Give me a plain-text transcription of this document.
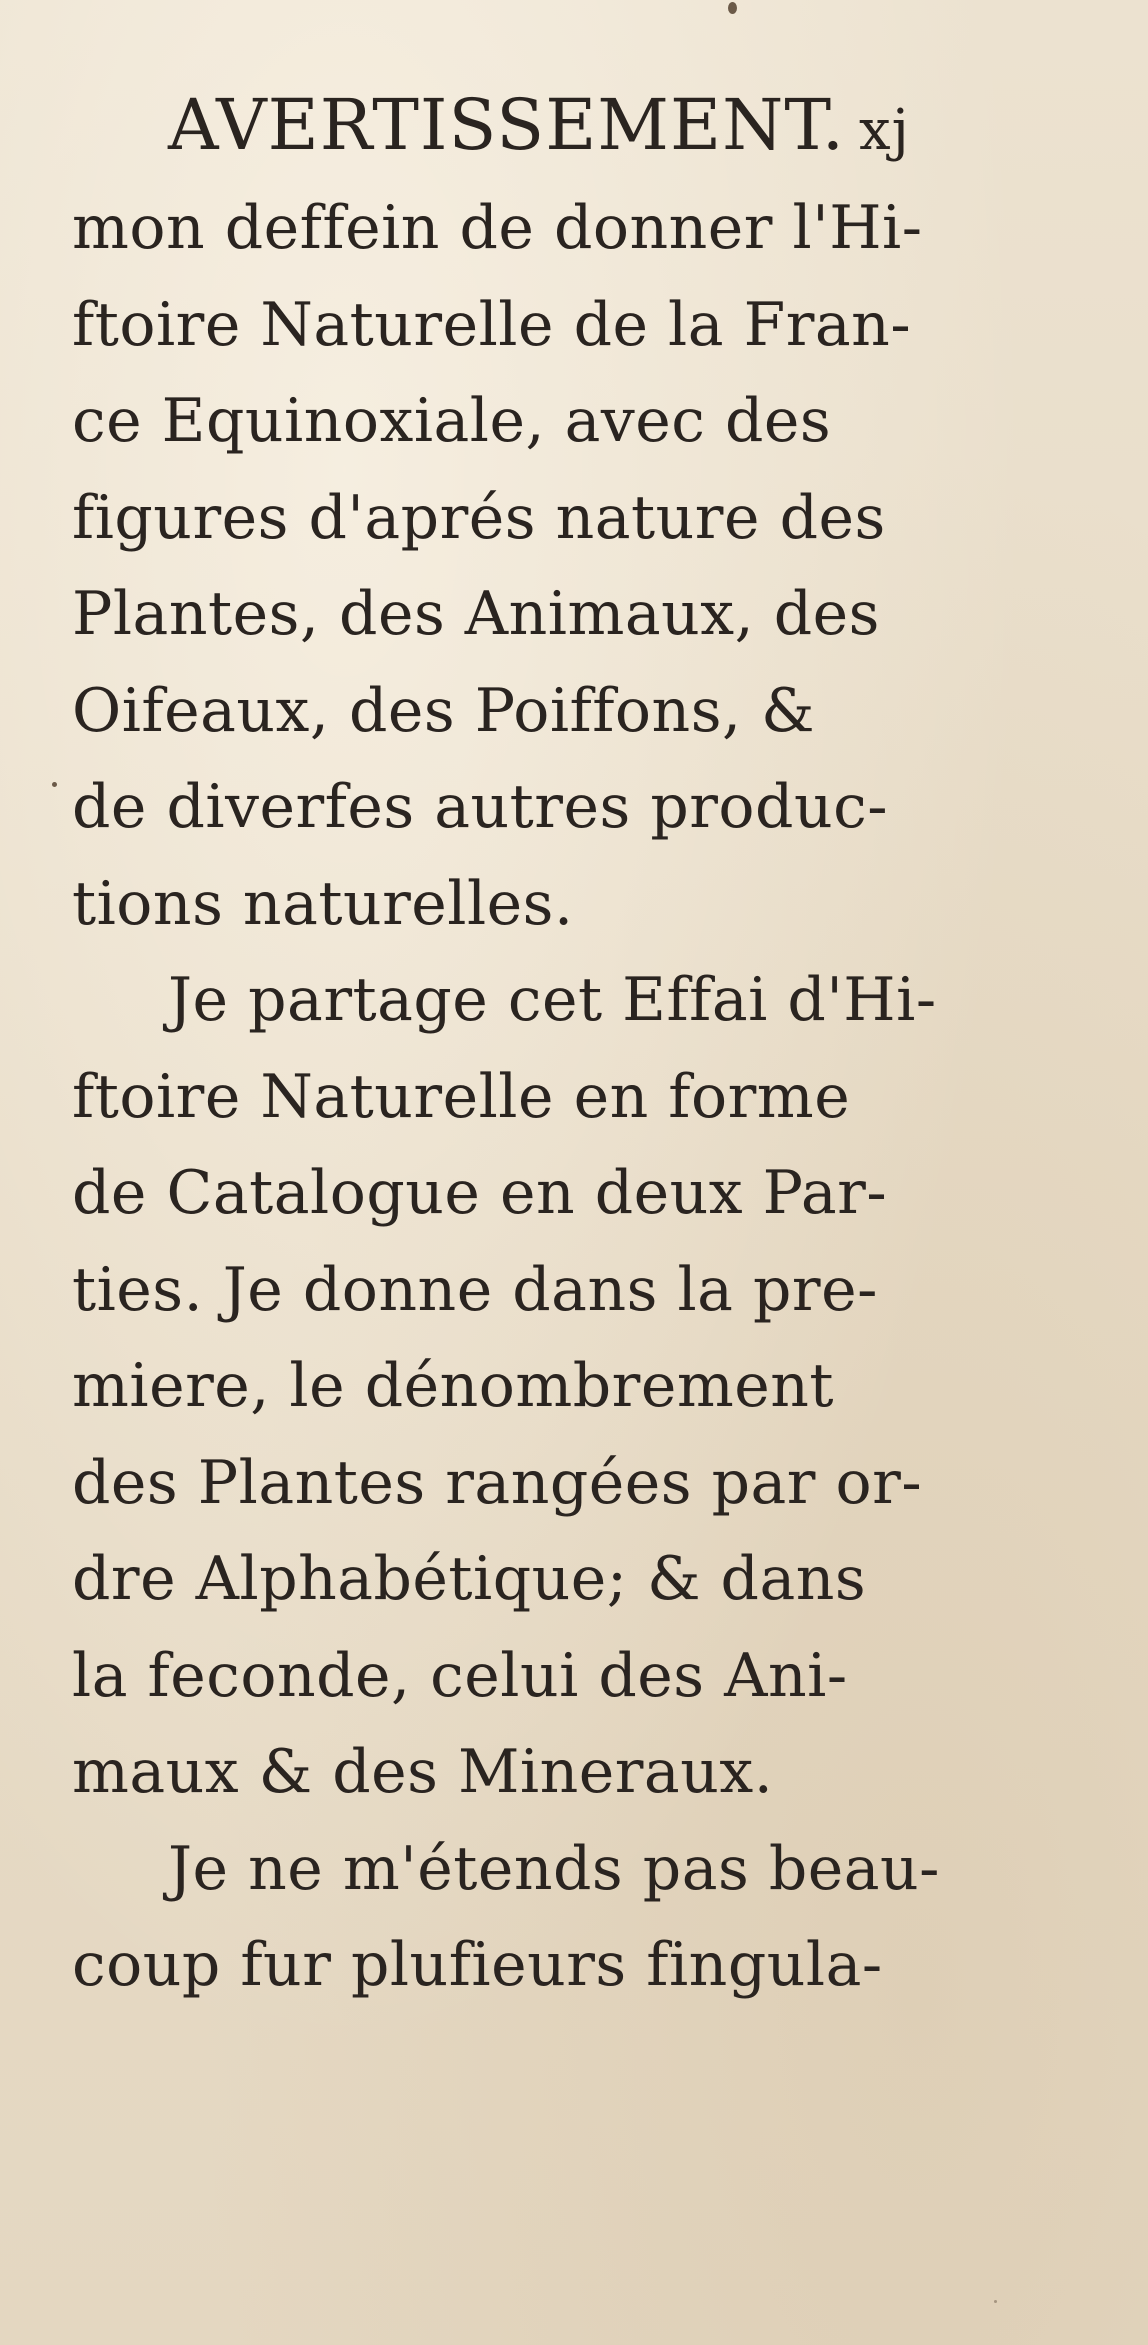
AVERTISSEMENT. xj
mon deffein de donner l'Hi-
ftoire Naturelle de la Fran-
ce Equinoxiale, avec des
figures d'aprés nature des
Plantes, des Animaux, des
Oifeaux, des Poiffons, &
de diverfes autres produc-
tions naturelles.
Je partage cet Effai d'Hi-
ftoire Naturelle en forme
de Catalogue en deux Par-
ties. Je donne dans la pre-
miere, le dénombrement
des Plantes rangées par or-
dre Alphabétique; & dans
la feconde, celui des Ani-
maux & des Mineraux.
Je ne m'étends pas beau-
coup fur plufieurs fingula-
